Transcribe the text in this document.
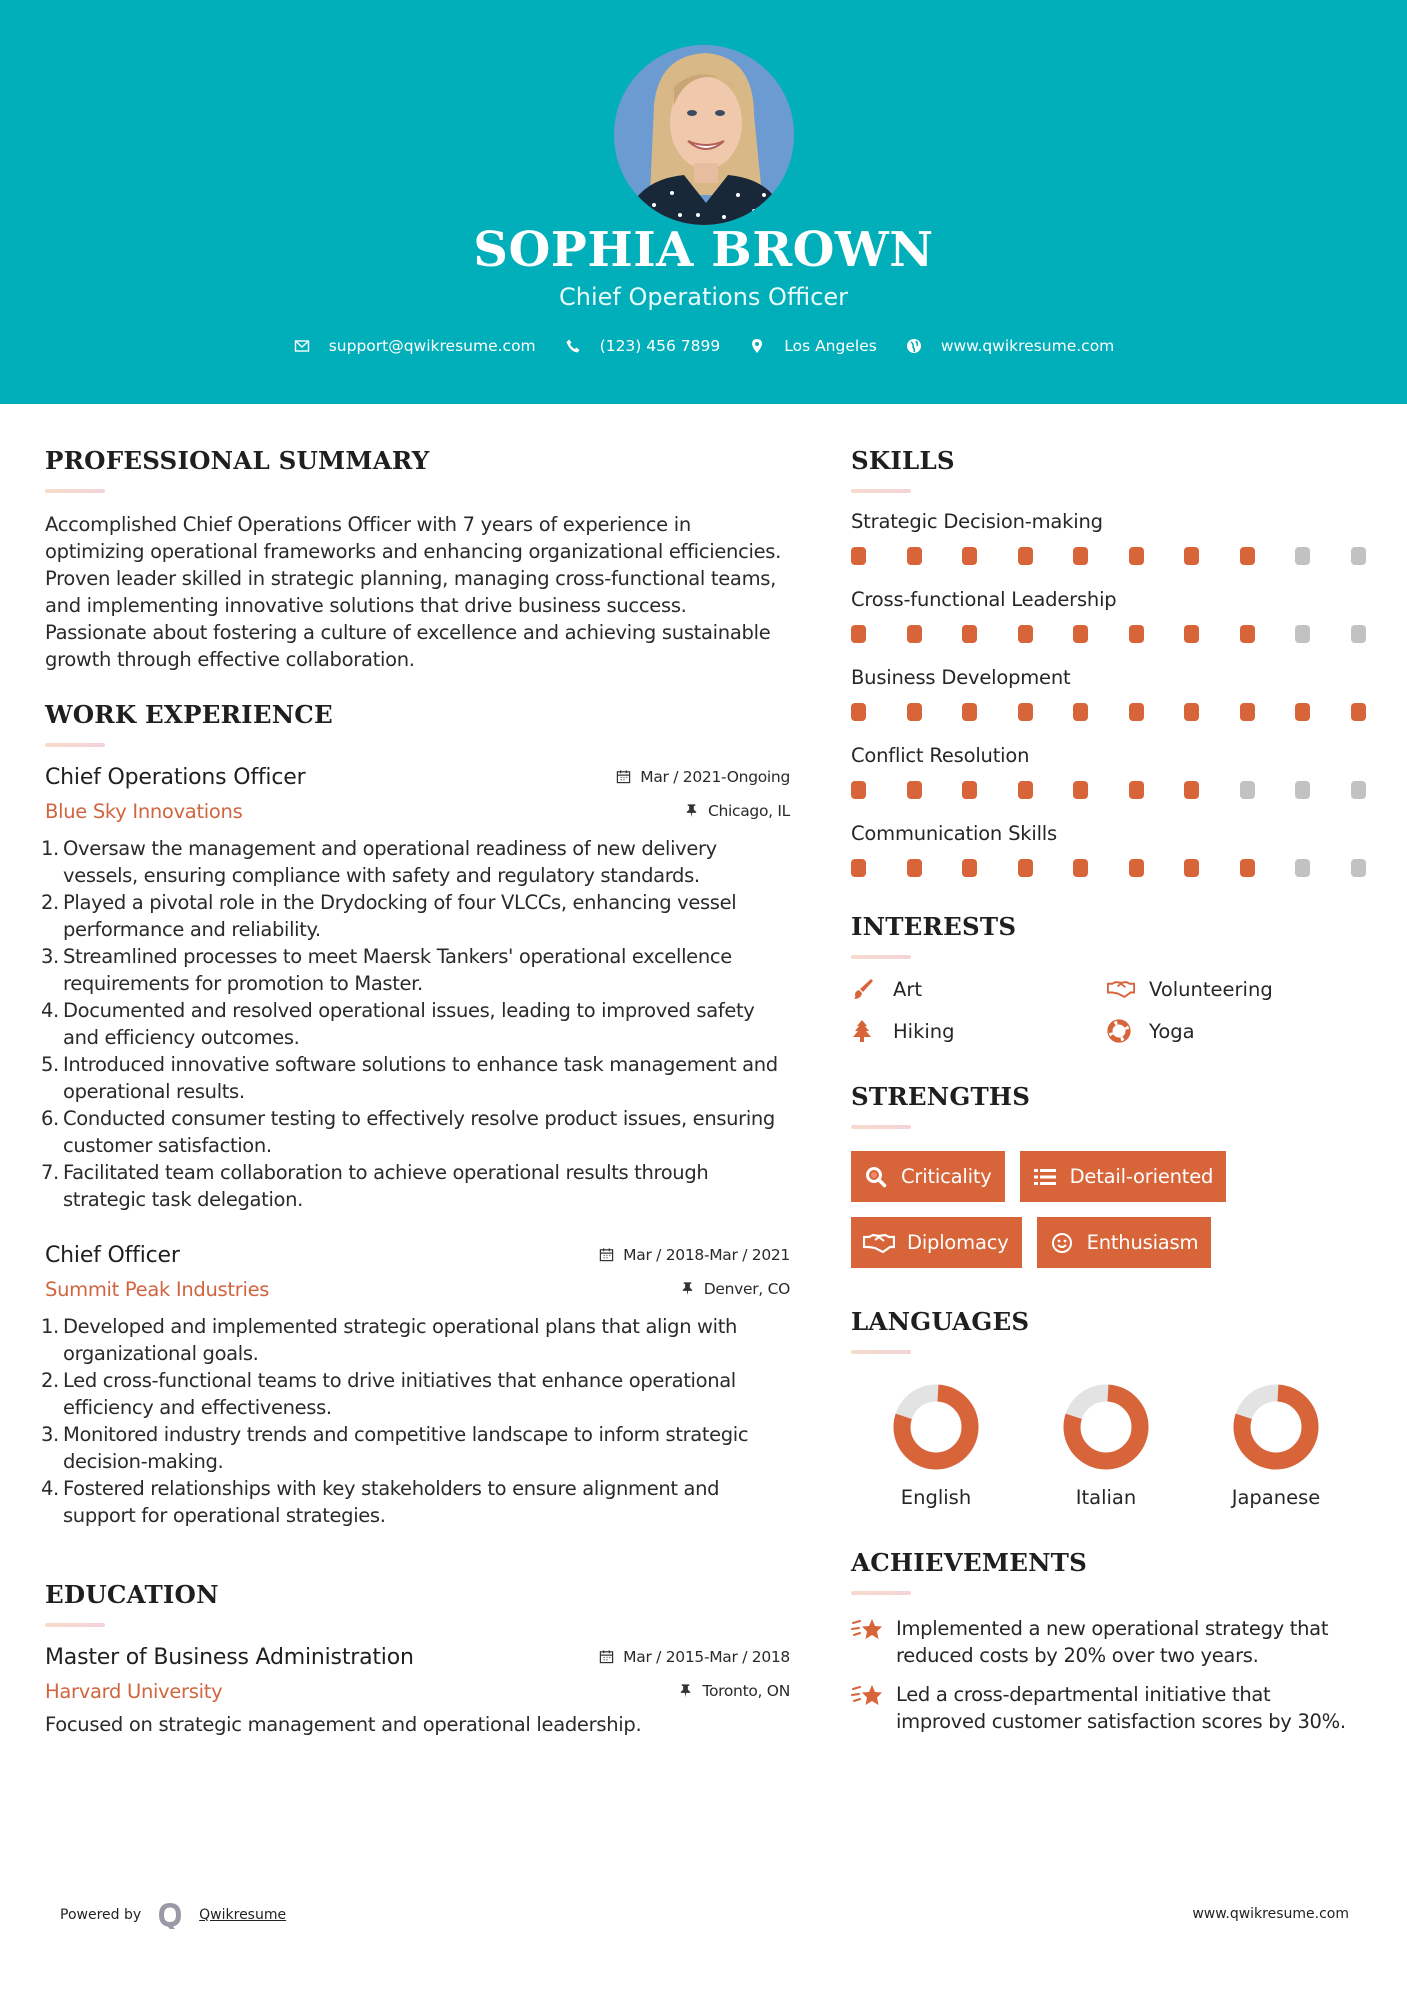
SOPHIA BROWN
Chief Operations Officer
support@qwikresume.com	(123) 456 7899	Los Angeles	www.qwikresume.com
PROFESSIONAL SUMMARY

Accomplished Chief Operations Officer with 7 years of experience in optimizing operational frameworks and enhancing organizational efficiencies. Proven leader skilled in strategic planning, managing cross-functional teams, and implementing innovative solutions that drive business success. Passionate about fostering a culture of excellence and achieving sustainable growth through effective collaboration.

WORK EXPERIENCE
Chief Operations Officer	Mar / 2021-Ongoing
Blue Sky Innovations	Chicago, IL
1. Oversaw the management and operational readiness of new delivery vessels, ensuring compliance with safety and regulatory standards.
2. Played a pivotal role in the Drydocking of four VLCCs, enhancing vessel performance and reliability.
3. Streamlined processes to meet Maersk Tankers' operational excellence requirements for promotion to Master.
4. Documented and resolved operational issues, leading to improved safety and efficiency outcomes.
5. Introduced innovative software solutions to enhance task management and operational results.
6. Conducted consumer testing to effectively resolve product issues, ensuring customer satisfaction.
7. Facilitated team collaboration to achieve operational results through strategic task delegation.
Chief Officer	Mar / 2018-Mar / 2021
Summit Peak Industries	Denver, CO
1. Developed and implemented strategic operational plans that align with organizational goals.
2. Led cross-functional teams to drive initiatives that enhance operational efficiency and effectiveness.
3. Monitored industry trends and competitive landscape to inform strategic decision-making.
4. Fostered relationships with key stakeholders to ensure alignment and support for operational strategies.
EDUCATION
Master of Business Administration	Mar / 2015-Mar / 2018
Harvard University	Toronto, ON

Focused on strategic management and operational leadership.

SKILLS
Strategic Decision-making
Cross-functional Leadership
Business Development
Conflict Resolution
Communication Skills
INTERESTS
Art	Volunteering
Hiking	Yoga
STRENGTHS
Criticality	Detail-oriented
Diplomacy	Enthusiasm
LANGUAGES
English	Italian	Japanese
ACHIEVEMENTS
Implemented a new operational strategy that reduced costs by 20% over two years.
Led a cross-departmental initiative that improved customer satisfaction scores by 30%.
Powered by	Qwikresume	www.qwikresume.com
